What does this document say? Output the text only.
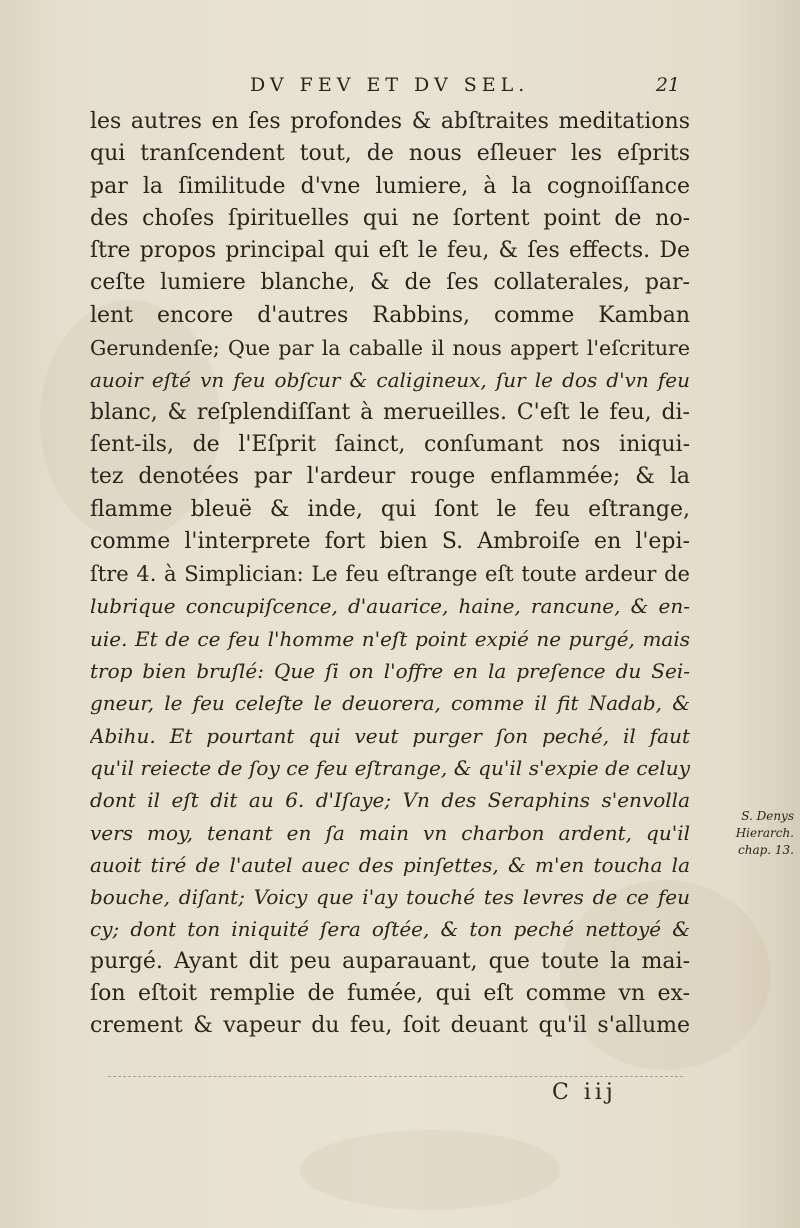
DV FEV ET DV SEL.	21
les autres en ſes profondes & abſtraites meditations
qui tranſcendent tout, de nous eſleuer les eſprits
par la ſimilitude d'vne lumiere, à la cognoiſſance
des choſes ſpirituelles qui ne ſortent point de no-
ſtre propos principal qui eſt le feu, & ſes effects. De
ceſte lumiere blanche, & de ſes collaterales, par-
lent encore d'autres Rabbins, comme Kamban
Gerundenſe; Que par la caballe il nous appert l'eſcriture
auoir eſté vn feu obſcur & caligineux, ſur le dos d'vn feu
blanc, & reſplendiſſant à merueilles. C'eſt le feu, di-
ſent-ils, de l'Eſprit ſainct, conſumant nos iniqui-
tez denotées par l'ardeur rouge enflammée; & la
flamme bleuë & inde, qui ſont le feu eſtrange,
comme l'interprete fort bien S. Ambroiſe en l'epi-
ſtre 4. à Simplician: Le feu eſtrange eſt toute ardeur de
lubrique concupiſcence, d'auarice, haine, rancune, & en-
uie. Et de ce feu l'homme n'eſt point expié ne purgé, mais
trop bien bruſlé: Que ſi on l'offre en la preſence du Sei-
gneur, le feu celeſte le deuorera, comme il fit Nadab, &
Abihu. Et pourtant qui veut purger ſon peché, il faut
qu'il reiecte de ſoy ce feu eſtrange, & qu'il s'expie de celuy
dont il eſt dit au 6. d'Iſaye; Vn des Seraphins s'envolla
vers moy, tenant en ſa main vn charbon ardent, qu'il
auoit tiré de l'autel auec des pinſettes, & m'en toucha la
bouche, diſant; Voicy que i'ay touché tes levres de ce feu
cy; dont ton iniquité ſera oſtée, & ton peché nettoyé &
purgé. Ayant dit peu auparauant, que toute la mai-
ſon eſtoit remplie de fumée, qui eſt comme vn ex-
crement & vapeur du feu, ſoit deuant qu'il s'allume
S. Denys
Hierarch.
chap. 13.
C iij
